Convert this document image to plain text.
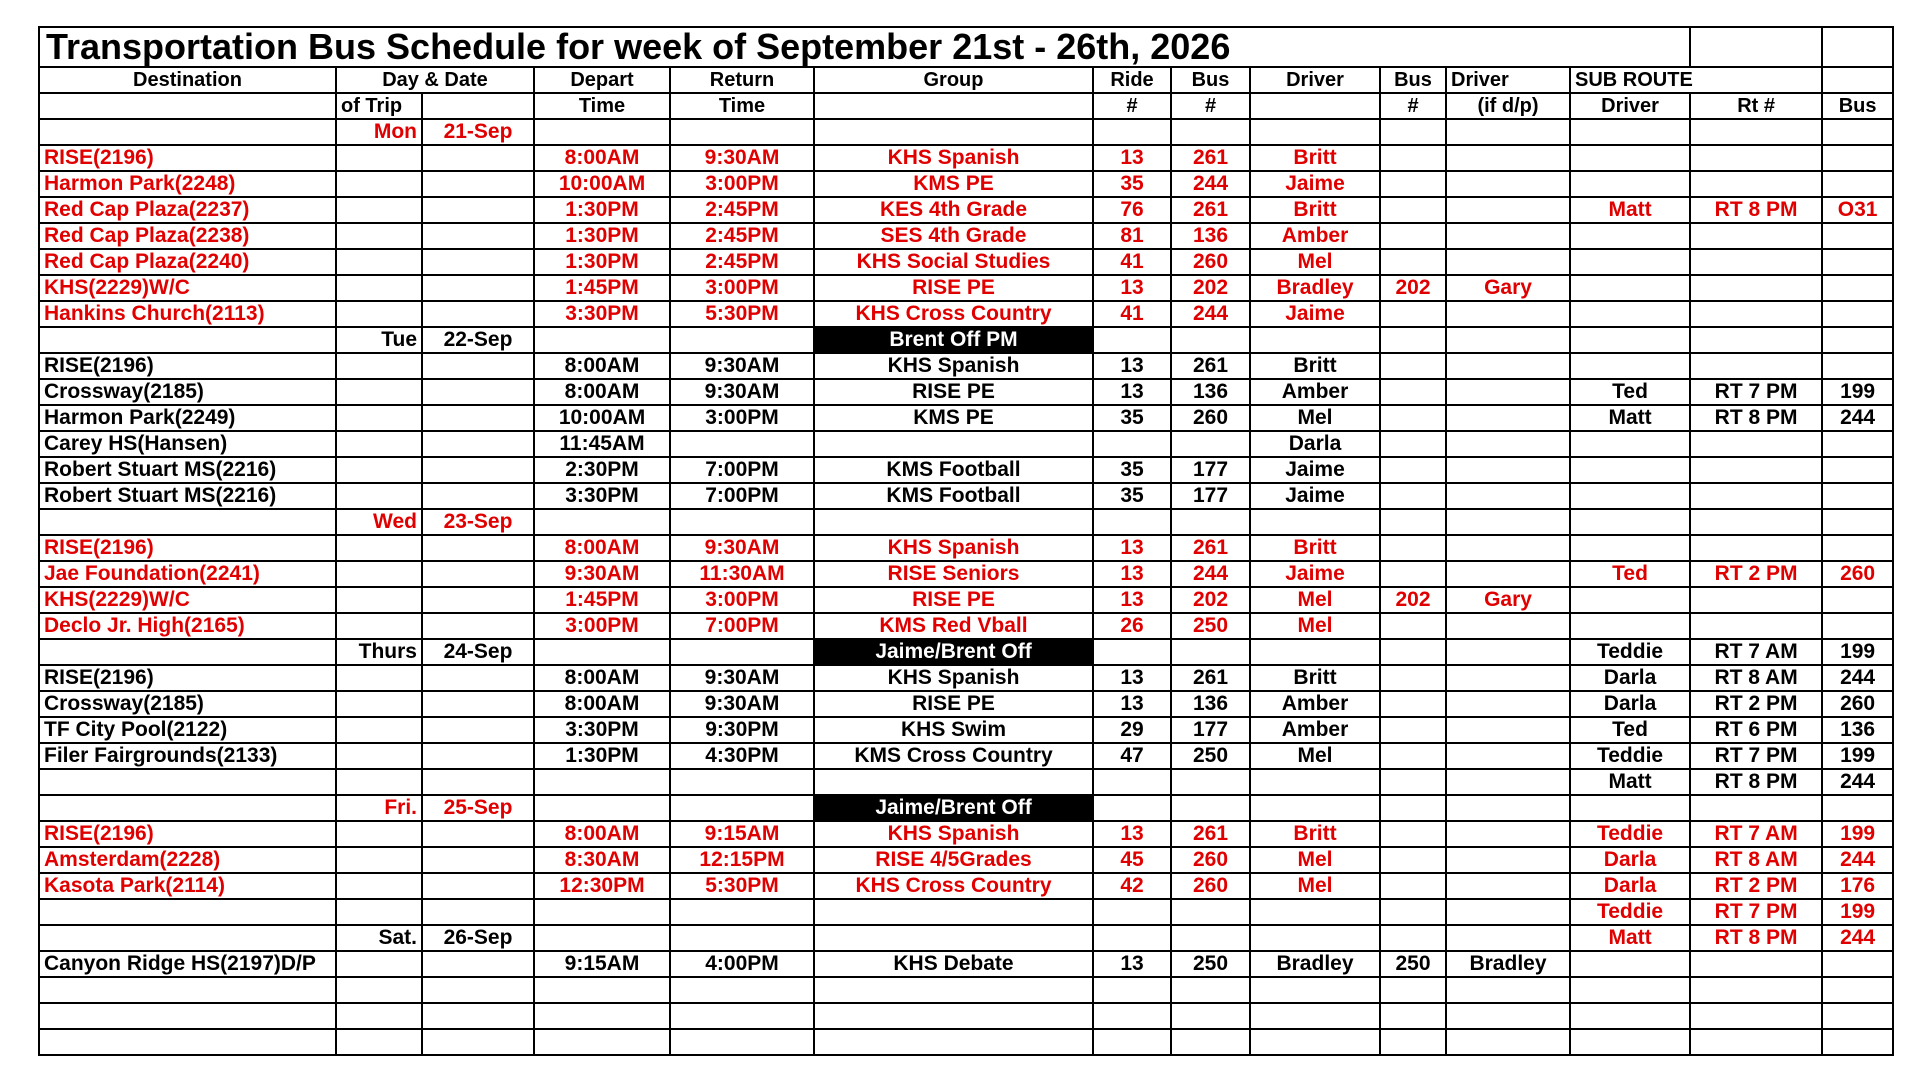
Transportation Bus Schedule for week of September 21st - 26th, 2026													
Destination	Day & Date		Depart	Return	Group	Ride	Bus	Driver	Bus	Driver	SUB ROUTE		
	of Trip		Time	Time		#	#		#	(if d/p)	Driver	Rt #	Bus
	Mon	21-Sep											
RISE(2196)			8:00AM	9:30AM	KHS Spanish	13	261	Britt					
Harmon Park(2248)			10:00AM	3:00PM	KMS PE	35	244	Jaime					
Red Cap Plaza(2237)			1:30PM	2:45PM	KES 4th Grade	76	261	Britt			Matt	RT 8 PM	O31
Red Cap Plaza(2238)			1:30PM	2:45PM	SES 4th Grade	81	136	Amber					
Red Cap Plaza(2240)			1:30PM	2:45PM	KHS Social Studies	41	260	Mel					
KHS(2229)W/C			1:45PM	3:00PM	RISE PE	13	202	Bradley	202	Gary			
Hankins Church(2113)			3:30PM	5:30PM	KHS Cross Country	41	244	Jaime					
	Tue	22-Sep			Brent Off PM								
RISE(2196)			8:00AM	9:30AM	KHS Spanish	13	261	Britt					
Crossway(2185)			8:00AM	9:30AM	RISE PE	13	136	Amber			Ted	RT 7 PM	199
Harmon Park(2249)			10:00AM	3:00PM	KMS PE	35	260	Mel			Matt	RT 8 PM	244
Carey HS(Hansen)			11:45AM					Darla					
Robert Stuart MS(2216)			2:30PM	7:00PM	KMS Football	35	177	Jaime					
Robert Stuart MS(2216)			3:30PM	7:00PM	KMS Football	35	177	Jaime					
	Wed	23-Sep											
RISE(2196)			8:00AM	9:30AM	KHS Spanish	13	261	Britt					
Jae Foundation(2241)			9:30AM	11:30AM	RISE Seniors	13	244	Jaime			Ted	RT 2 PM	260
KHS(2229)W/C			1:45PM	3:00PM	RISE PE	13	202	Mel	202	Gary			
Declo Jr. High(2165)			3:00PM	7:00PM	KMS Red Vball	26	250	Mel					
	Thurs	24-Sep			Jaime/Brent Off						Teddie	RT 7 AM	199
RISE(2196)			8:00AM	9:30AM	KHS Spanish	13	261	Britt			Darla	RT 8 AM	244
Crossway(2185)			8:00AM	9:30AM	RISE PE	13	136	Amber			Darla	RT 2 PM	260
TF City Pool(2122)			3:30PM	9:30PM	KHS Swim	29	177	Amber			Ted	RT 6 PM	136
Filer Fairgrounds(2133)			1:30PM	4:30PM	KMS Cross Country	47	250	Mel			Teddie	RT 7 PM	199
											Matt	RT 8 PM	244
	Fri.	25-Sep			Jaime/Brent Off								
RISE(2196)			8:00AM	9:15AM	KHS Spanish	13	261	Britt			Teddie	RT 7 AM	199
Amsterdam(2228)			8:30AM	12:15PM	RISE 4/5Grades	45	260	Mel			Darla	RT 8 AM	244
Kasota Park(2114)			12:30PM	5:30PM	KHS Cross Country	42	260	Mel			Darla	RT 2 PM	176
											Teddie	RT 7 PM	199
	Sat.	26-Sep									Matt	RT 8 PM	244
Canyon Ridge HS(2197)D/P			9:15AM	4:00PM	KHS Debate	13	250	Bradley	250	Bradley			
